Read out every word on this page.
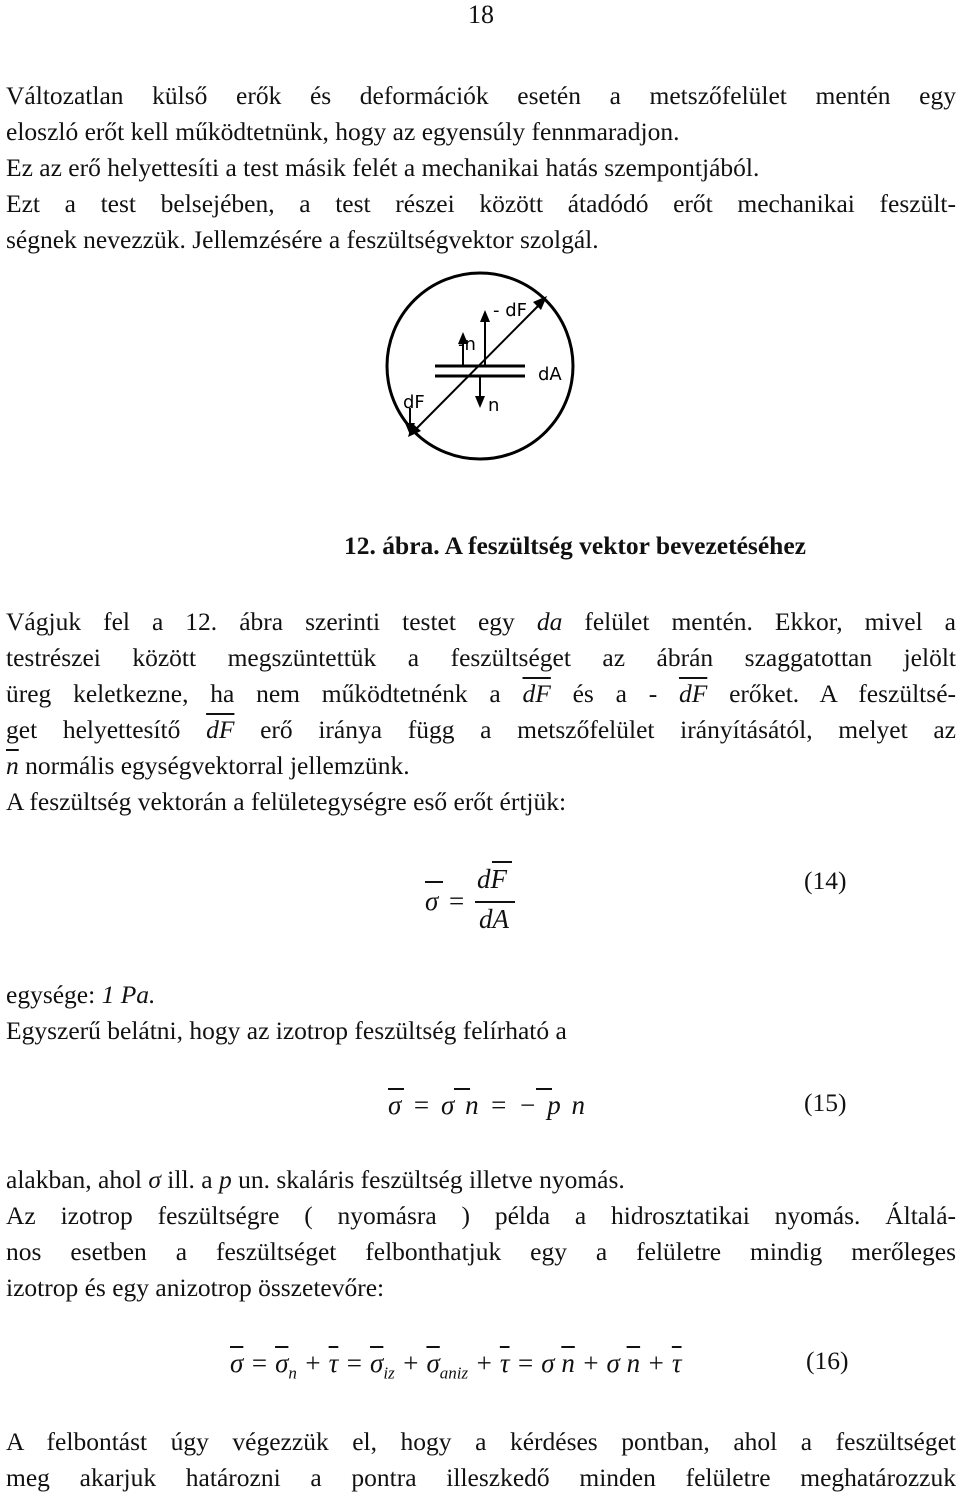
18
Változatlan külső erők és deformációk esetén a metszőfelület mentén egy
eloszló erőt kell működtetnünk, hogy az egyensúly fennmaradjon.
Ez az erő helyettesíti a test másik felét a mechanikai hatás szempontjából.
Ezt a test belsejében, a test részei között átadódó erőt mechanikai feszült-
ségnek nevezzük. Jellemzésére a feszültségvektor szolgál.
- dF
-n
dA
dF	n
12. ábra. A feszültség vektor bevezetéséhez
Vágjuk fel a 12. ábra szerinti testet egy da felület mentén. Ekkor, mivel a
testrészei között megszüntettük a feszültséget az ábrán szaggatottan jelölt
üreg keletkezne, ha nem működtetnénk a $\overline{dF}$ és a - $\overline{dF}$ erőket. A feszültsé-
get helyettesítő $\overline{dF}$ erő iránya függ a metszőfelület irányításától, melyet az
$\overline{n}$ normális egységvektorral jellemzünk.
A feszültség vektorán a felületegységre eső erőt értjük:
σ =
dF
dA
(14)
egysége: 1 Pa.
Egyszerű belátni, hogy az izotrop feszültség felírható a
σ = σ n = − p n	(15)
alakban, ahol σ ill. a p un. skaláris feszültség illetve nyomás.
Az izotrop feszültségre ( nyomásra ) példa a hidrosztatikai nyomás. Általá-
nos esetben a feszültséget felbonthatjuk egy a felületre mindig merőleges
izotrop és egy anizotrop összetevőre:
$\overline{\sigma} = \overline{\sigma}_n + \overline{\tau} = \overline{\sigma}_{iz} + \overline{\sigma}_{aniz} + \overline{\tau} = \sigma$ $\overline{n} + \sigma$ $\overline{n} + \overline{\tau}$	(16)
A felbontást úgy végezzük el, hogy a kérdéses pontban, ahol a feszültséget
meg akarjuk határozni a pontra illeszkedő minden felületre meghatározzuk
